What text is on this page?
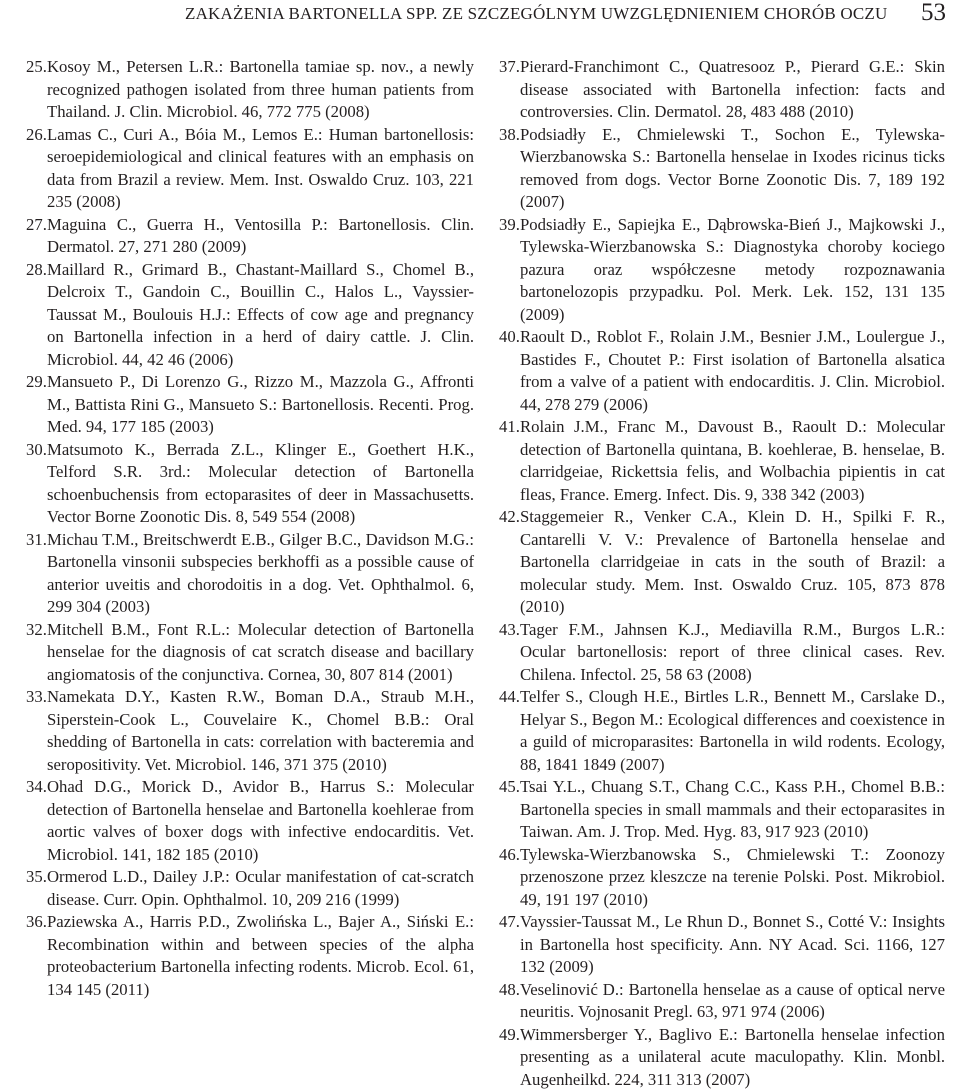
ZAKAŻENIA BARTONELLA SPP. ZE SZCZEGÓLNYM UWZGLĘDNIENIEM CHORÓB OCZU 53

25. Kosoy M., Petersen L.R.: Bartonella tamiae sp. nov., a newly recognized pathogen isolated from three human patients from Thailand. J. Clin. Microbiol. 46, 772 775 (2008)

26. Lamas C., Curi A., Bóia M., Lemos E.: Human bartonellosis: seroepidemiological and clinical features with an emphasis on data from Brazil a review. Mem. Inst. Oswaldo Cruz. 103, 221 235 (2008)

27. Maguina C., Guerra H., Ventosilla P.: Bartonellosis. Clin. Dermatol. 27, 271 280 (2009)

28. Maillard R., Grimard B., Chastant-Maillard S., Chomel B., Delcroix T., Gandoin C., Bouillin C., Halos L., Vayssier-Taussat M., Boulouis H.J.: Effects of cow age and pregnancy on Bartonella infection in a herd of dairy cattle. J. Clin. Microbiol. 44, 42 46 (2006)

29. Mansueto P., Di Lorenzo G., Rizzo M., Mazzola G., Affronti M., Battista Rini G., Mansueto S.: Bartonellosis. Recenti. Prog. Med. 94, 177 185 (2003)

30. Matsumoto K., Berrada Z.L., Klinger E., Goethert H.K., Telford S.R. 3rd.: Molecular detection of Bartonella schoenbuchensis from ectoparasites of deer in Massachusetts. Vector Borne Zoonotic Dis. 8, 549 554 (2008)

31. Michau T.M., Breitschwerdt E.B., Gilger B.C., Davidson M.G.: Bartonella vinsonii subspecies berkhoffi as a possible cause of anterior uveitis and chorodoitis in a dog. Vet. Ophthalmol. 6, 299 304 (2003)

32. Mitchell B.M., Font R.L.: Molecular detection of Bartonella henselae for the diagnosis of cat scratch disease and bacillary angiomatosis of the conjunctiva. Cornea, 30, 807 814 (2001)

33. Namekata D.Y., Kasten R.W., Boman D.A., Straub M.H., Siperstein-Cook L., Couvelaire K., Chomel B.B.: Oral shedding of Bartonella in cats: correlation with bacteremia and seropositivity. Vet. Microbiol. 146, 371 375 (2010)

34. Ohad D.G., Morick D., Avidor B., Harrus S.: Molecular detection of Bartonella henselae and Bartonella koehlerae from aortic valves of boxer dogs with infective endocarditis. Vet. Microbiol. 141, 182 185 (2010)

35. Ormerod L.D., Dailey J.P.: Ocular manifestation of cat-scratch disease. Curr. Opin. Ophthalmol. 10, 209 216 (1999)

36. Paziewska A., Harris P.D., Zwolińska L., Bajer A., Siński E.: Recombination within and between species of the alpha proteobacterium Bartonella infecting rodents. Microb. Ecol. 61, 134 145 (2011)

37. Pierard-Franchimont C., Quatresooz P., Pierard G.E.: Skin disease associated with Bartonella infection: facts and controversies. Clin. Dermatol. 28, 483 488 (2010)

38. Podsiadły E., Chmielewski T., Sochon E., Tylewska-Wierzbanowska S.: Bartonella henselae in Ixodes ricinus ticks removed from dogs. Vector Borne Zoonotic Dis. 7, 189 192 (2007)

39. Podsiadły E., Sapiejka E., Dąbrowska-Bień J., Majkowski J., Tylewska-Wierzbanowska S.: Diagnostyka choroby kociego pazura oraz współczesne metody rozpoznawania bartonelozopis przypadku. Pol. Merk. Lek. 152, 131 135 (2009)

40. Raoult D., Roblot F., Rolain J.M., Besnier J.M., Loulergue J., Bastides F., Choutet P.: First isolation of Bartonella alsatica from a valve of a patient with endocarditis. J. Clin. Microbiol. 44, 278 279 (2006)

41. Rolain J.M., Franc M., Davoust B., Raoult D.: Molecular detection of Bartonella quintana, B. koehlerae, B. henselae, B. clarridgeiae, Rickettsia felis, and Wolbachia pipientis in cat fleas, France. Emerg. Infect. Dis. 9, 338 342 (2003)

42. Staggemeier R., Venker C.A., Klein D. H., Spilki F. R., Cantarelli V. V.: Prevalence of Bartonella henselae and Bartonella clarridgeiae in cats in the south of Brazil: a molecular study. Mem. Inst. Oswaldo Cruz. 105, 873 878 (2010)

43. Tager F.M., Jahnsen K.J., Mediavilla R.M., Burgos L.R.: Ocular bartonellosis: report of three clinical cases. Rev. Chilena. Infectol. 25, 58 63 (2008)

44. Telfer S., Clough H.E., Birtles L.R., Bennett M., Carslake D., Helyar S., Begon M.: Ecological differences and coexistence in a guild of microparasites: Bartonella in wild rodents. Ecology, 88, 1841 1849 (2007)

45. Tsai Y.L., Chuang S.T., Chang C.C., Kass P.H., Chomel B.B.: Bartonella species in small mammals and their ectoparasites in Taiwan. Am. J. Trop. Med. Hyg. 83, 917 923 (2010)

46. Tylewska-Wierzbanowska S., Chmielewski T.: Zoonozy przenoszone przez kleszcze na terenie Polski. Post. Mikrobiol. 49, 191 197 (2010)

47. Vayssier-Taussat M., Le Rhun D., Bonnet S., Cotté V.: Insights in Bartonella host specificity. Ann. NY Acad. Sci. 1166, 127 132 (2009)

48. Veselinović D.: Bartonella henselae as a cause of optical nerve neuritis. Vojnosanit Pregl. 63, 971 974 (2006)

49. Wimmersberger Y., Baglivo E.: Bartonella henselae infection presenting as a unilateral acute maculopathy. Klin. Monbl. Augenheilkd. 224, 311 313 (2007)
